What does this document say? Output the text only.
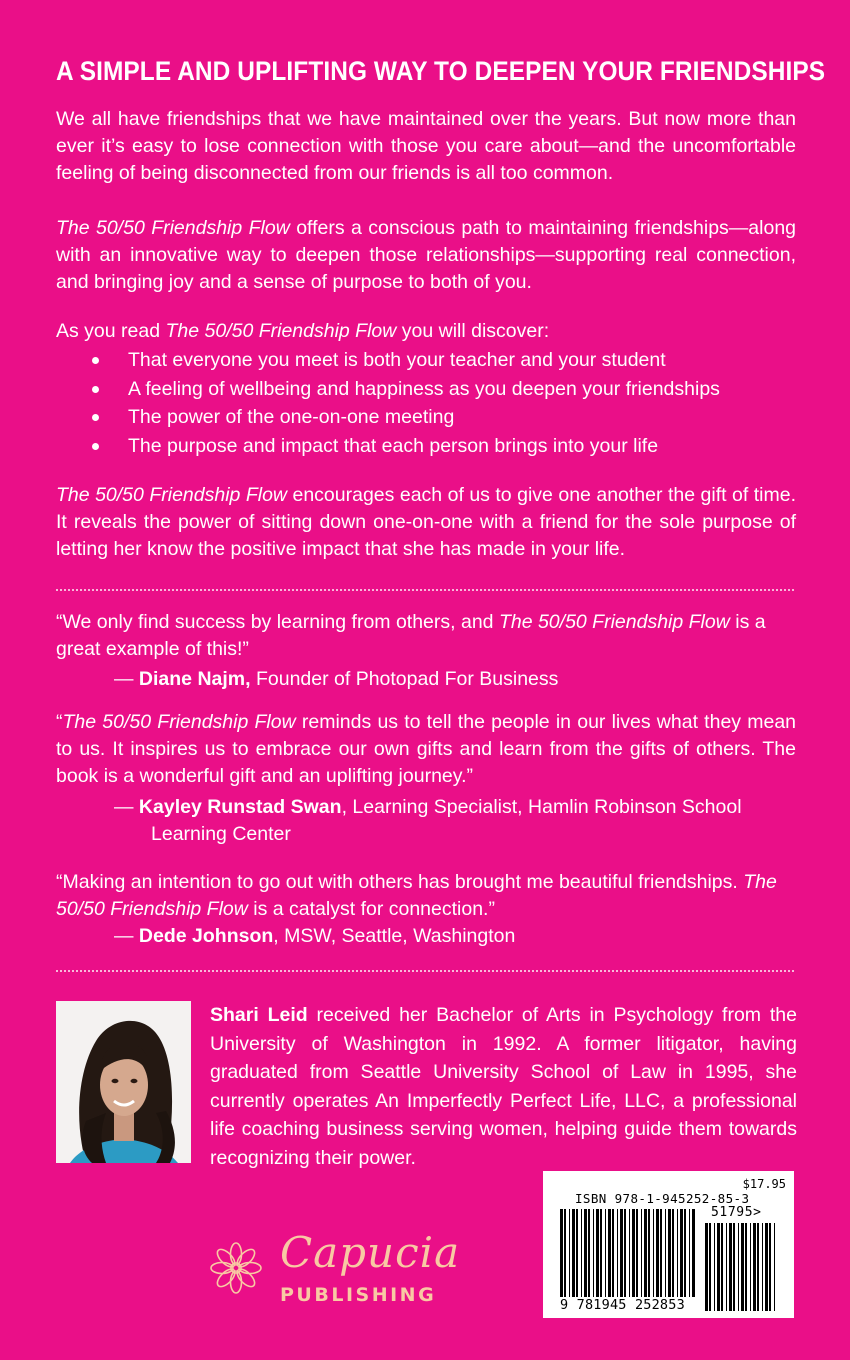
A SIMPLE AND UPLIFTING WAY TO DEEPEN YOUR FRIENDSHIPS

We all have friendships that we have maintained over the years. But now more than ever it’s easy to lose connection with those you care about—and the uncomfortable feeling of being disconnected from our friends is all too common.

The 50/50 Friendship Flow offers a conscious path to maintaining friendships—along with an innovative way to deepen those relationships—supporting real connection, and bringing joy and a sense of purpose to both of you.

As you read The 50/50 Friendship Flow you will discover:

That everyone you meet is both your teacher and your student
A feeling of wellbeing and happiness as you deepen your friendships
The power of the one-on-one meeting
The purpose and impact that each person brings into your life

The 50/50 Friendship Flow encourages each of us to give one another the gift of time. It reveals the power of sitting down one-on-one with a friend for the sole purpose of letting her know the positive impact that she has made in your life.

“We only find success by learning from others, and The 50/50 Friendship Flow is a great example of this!”

— Diane Najm, Founder of Photopad For Business

“The 50/50 Friendship Flow reminds us to tell the people in our lives what they mean to us. It inspires us to embrace our own gifts and learn from the gifts of others. The book is a wonderful gift and an uplifting journey.”

— Kayley Runstad Swan, Learning Specialist, Hamlin Robinson School
Learning Center

“Making an intention to go out with others has brought me beautiful friendships. The 50/50 Friendship Flow is a catalyst for connection.”

— Dede Johnson, MSW, Seattle, Washington

Shari Leid received her Bachelor of Arts in Psychology from the University of Washington in 1992. A former litigator, having graduated from Seattle University School of Law in 1995, she currently operates An Imperfectly Perfect Life, LLC, a professional life coaching business serving women, helping guide them towards recognizing their power.

Capucia
PUBLISHING
$17.95
ISBN 978-1-945252-85-3
51795>
9 781945 252853
